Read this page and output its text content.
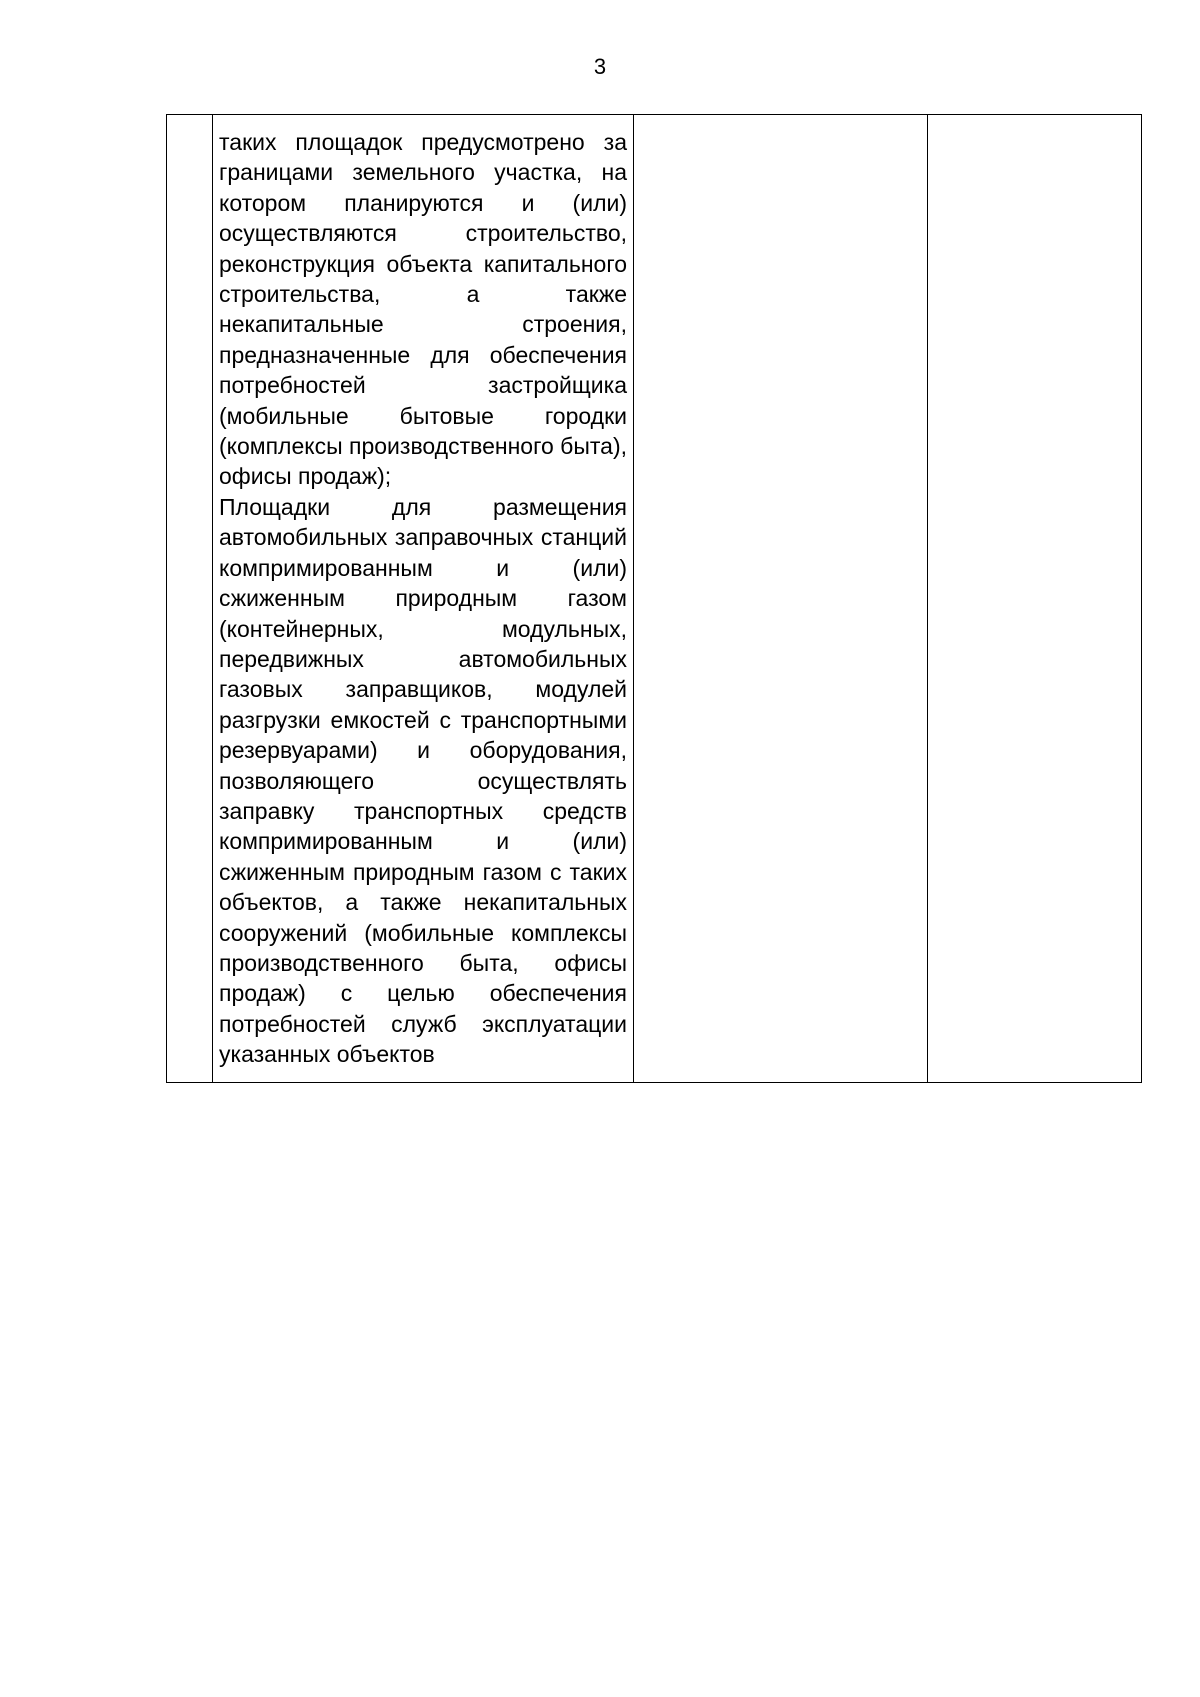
3

таких площадок предусмотрено за границами земельного участка, на котором планируются и (или) осуществляются строительство, реконструкция объекта капитального строительства, а также некапитальные строения, предназначенные для обеспечения потребностей застройщика (мобильные бытовые городки (комплексы производственного быта), офисы продаж);

Площадки для размещения автомобильных заправочных станций компримированным и (или) сжиженным природным газом (контейнерных, модульных, передвижных автомобильных газовых заправщиков, модулей разгрузки емкостей с транспортными резервуарами) и оборудования, позволяющего осуществлять заправку транспортных средств компримированным и (или) сжиженным природным газом с таких объектов, а также некапитальных сооружений (мобильные комплексы производственного быта, офисы продаж) с целью обеспечения потребностей служб эксплуатации указанных объектов
